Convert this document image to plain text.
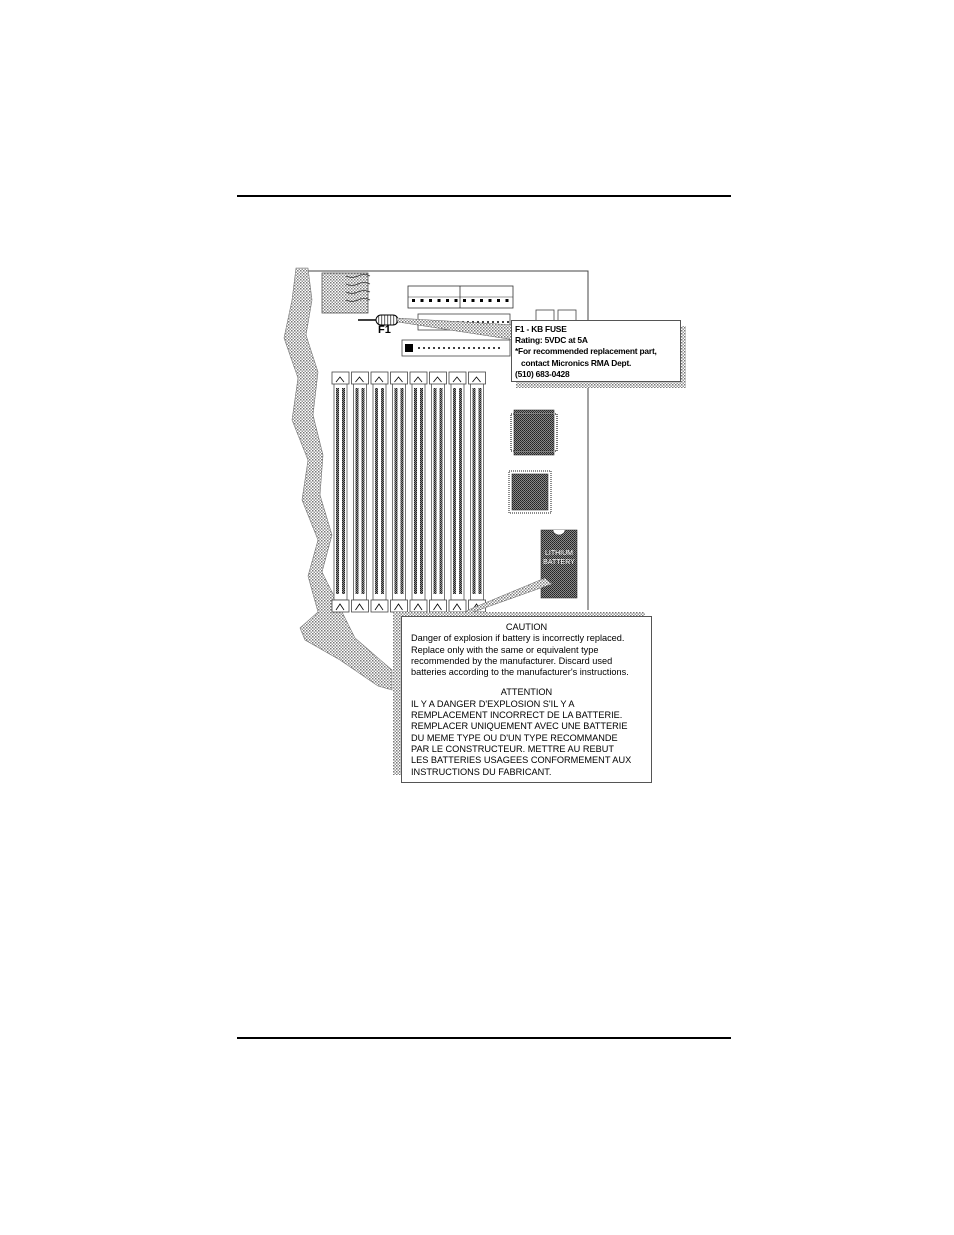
F1
LITHIUM
BATTERY
F1 - KB FUSE
Rating: 5VDC at 5A
*For recommended replacement part,
contact Micronics RMA Dept.
(510) 683-0428
CAUTION
Danger of explosion if battery is incorrectly replaced.
Replace only with the same or equivalent type
recommended by the manufacturer. Discard used
batteries according to the manufacturer's instructions.
ATTENTION
IL Y A DANGER D'EXPLOSION S'IL Y A
REMPLACEMENT INCORRECT DE LA BATTERIE.
REMPLACER UNIQUEMENT AVEC UNE BATTERIE
DU MEME TYPE OU D'UN TYPE RECOMMANDE
PAR LE CONSTRUCTEUR. METTRE AU REBUT
LES BATTERIES USAGEES CONFORMEMENT AUX
INSTRUCTIONS DU FABRICANT.
